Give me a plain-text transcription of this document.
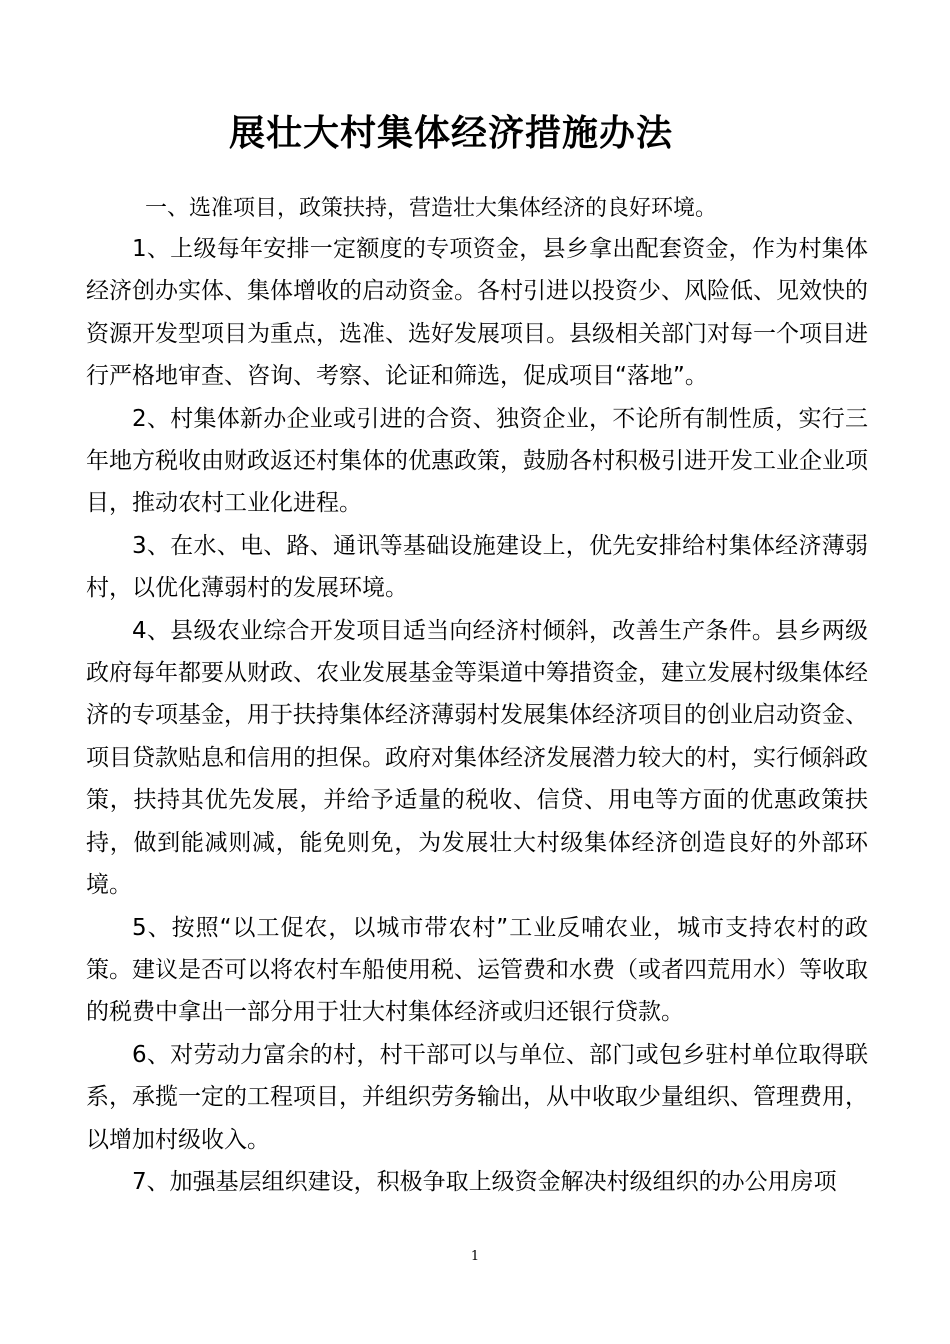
展壮大村集体经济措施办法

一、选准项目，政策扶持，营造壮大集体经济的良好环境。

1、上级每年安排一定额度的专项资金，县乡拿出配套资金，作为村集体经济创办实体、集体增收的启动资金。各村引进以投资少、风险低、见效快的资源开发型项目为重点，选准、选好发展项目。县级相关部门对每一个项目进行严格地审查、咨询、考察、论证和筛选，促成项目“落地”。

2、村集体新办企业或引进的合资、独资企业，不论所有制性质，实行三年地方税收由财政返还村集体的优惠政策，鼓励各村积极引进开发工业企业项目，推动农村工业化进程。

3、在水、电、路、通讯等基础设施建设上，优先安排给村集体经济薄弱村，以优化薄弱村的发展环境。

4、县级农业综合开发项目适当向经济村倾斜，改善生产条件。县乡两级政府每年都要从财政、农业发展基金等渠道中筹措资金，建立发展村级集体经济的专项基金，用于扶持集体经济薄弱村发展集体经济项目的创业启动资金、项目贷款贴息和信用的担保。政府对集体经济发展潜力较大的村，实行倾斜政策，扶持其优先发展，并给予适量的税收、信贷、用电等方面的优惠政策扶持，做到能减则减，能免则免，为发展壮大村级集体经济创造良好的外部环境。

5、按照“以工促农，以城市带农村”工业反哺农业，城市支持农村的政策。建议是否可以将农村车船使用税、运管费和水费（或者四荒用水）等收取的税费中拿出一部分用于壮大村集体经济或归还银行贷款。

6、对劳动力富余的村，村干部可以与单位、部门或包乡驻村单位取得联系，承揽一定的工程项目，并组织劳务输出，从中收取少量组织、管理费用，以增加村级收入。

7、加强基层组织建设，积极争取上级资金解决村级组织的办公用房项

1
